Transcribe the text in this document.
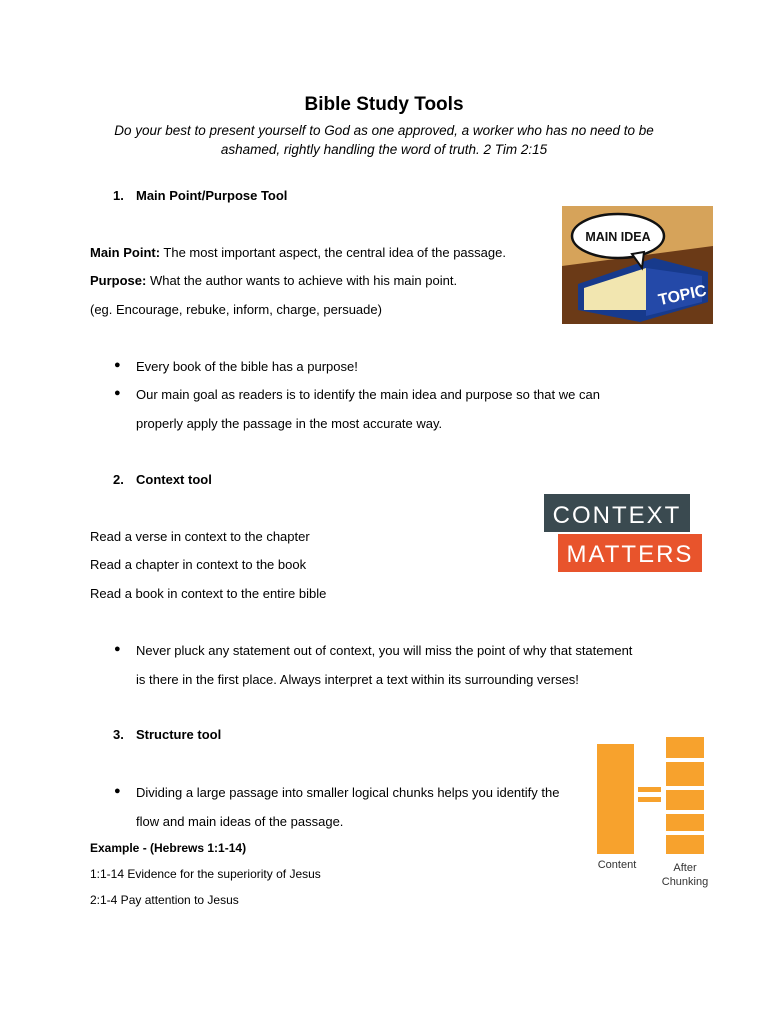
Bible Study Tools
Do your best to present yourself to God as one approved, a worker who has no need to be ashamed, rightly handling the word of truth. 2 Tim 2:15
1. Main Point/Purpose Tool
Main Point: The most important aspect, the central idea of the passage.
Purpose: What the author wants to achieve with his main point.
(eg. Encourage, rebuke, inform, charge, persuade)
● Every book of the bible has a purpose!
● Our main goal as readers is to identify the main idea and purpose so that we can
properly apply the passage in the most accurate way.
TOPIC
MAIN IDEA
2. Context tool
Read a verse in context to the chapter
Read a chapter in context to the book
Read a book in context to the entire bible
● Never pluck any statement out of context, you will miss the point of why that statement
is there in the first place. Always interpret a text within its surrounding verses!
CONTEXT
MATTERS
3. Structure tool
● Dividing a large passage into smaller logical chunks helps you identify the
flow and main ideas of the passage.
Example - (Hebrews 1:1-14)
1:1-14 Evidence for the superiority of Jesus
2:1-4 Pay attention to Jesus
Content	After
Chunking
